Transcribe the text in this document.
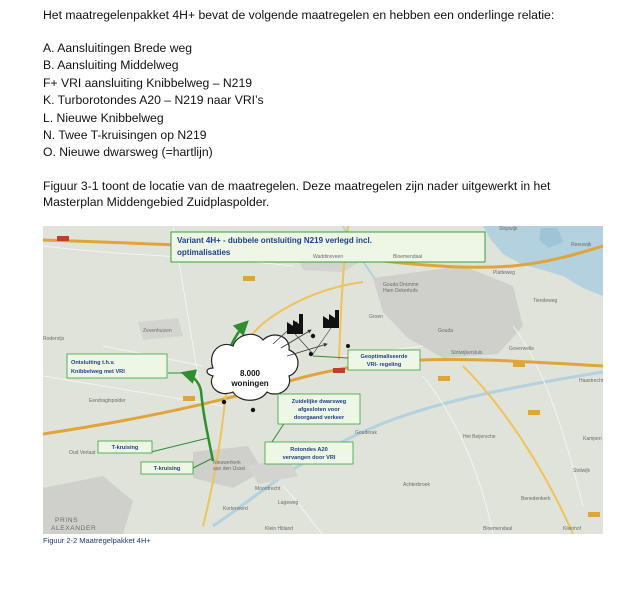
Het maatregelenpakket 4H+ bevat de volgende maatregelen en hebben een onderlinge relatie:
A. Aansluitingen Brede weg
B. Aansluiting Middelweg
F+ VRI aansluiting Knibbelweg – N219
K. Turborotondes A20 – N219 naar VRI’s
L. Nieuwe Knibbelweg
N. Twee T-kruisingen op N219
O. Nieuwe dwarsweg (=hartlijn)
Figuur 3-1 toont de locatie van de maatregelen. Deze maatregelen zijn nader uitgewerkt in het
Masterplan Middengebied Zuidplaspolder.
8.000
woningen
Variant 4H+ - dubbele ontsluiting N219 verlegd incl.
optimalisaties
Ontsluiting t.h.v.
Knibbelweg met VRI
Geoptimaliseerde
VRI- regeling
Zuidelijke dwarsweg
afgesloten voor
doorgaand verkeer
Rotondes A20
vervangen door VRI
T-kruising
T-kruising
Zevenhuizen
Eendragtspolder
Oud Verlaat
Gouda
Goverwelle
Platteweg
Tiendeweg
Stolwijk
Haastrecht
Kampen
Gouderak
Achterbroek
Lageweg
Kortenoord
Bloemendaal
Waddinxveen
Groen
Moordrecht
Nieuwerkerk
aan den IJssel
Gouda Dromme
Ham Dekerhofs
Het Beijersche
Benedenkerk
Bloemendaal
Klein Hitland	Kleinhof
Stolwijkersluis
Reeuwijk
Rodenrijs
Slopwijk
PRINS
ALEXANDER
Figuur 2-2 Maatregelpakket 4H+
